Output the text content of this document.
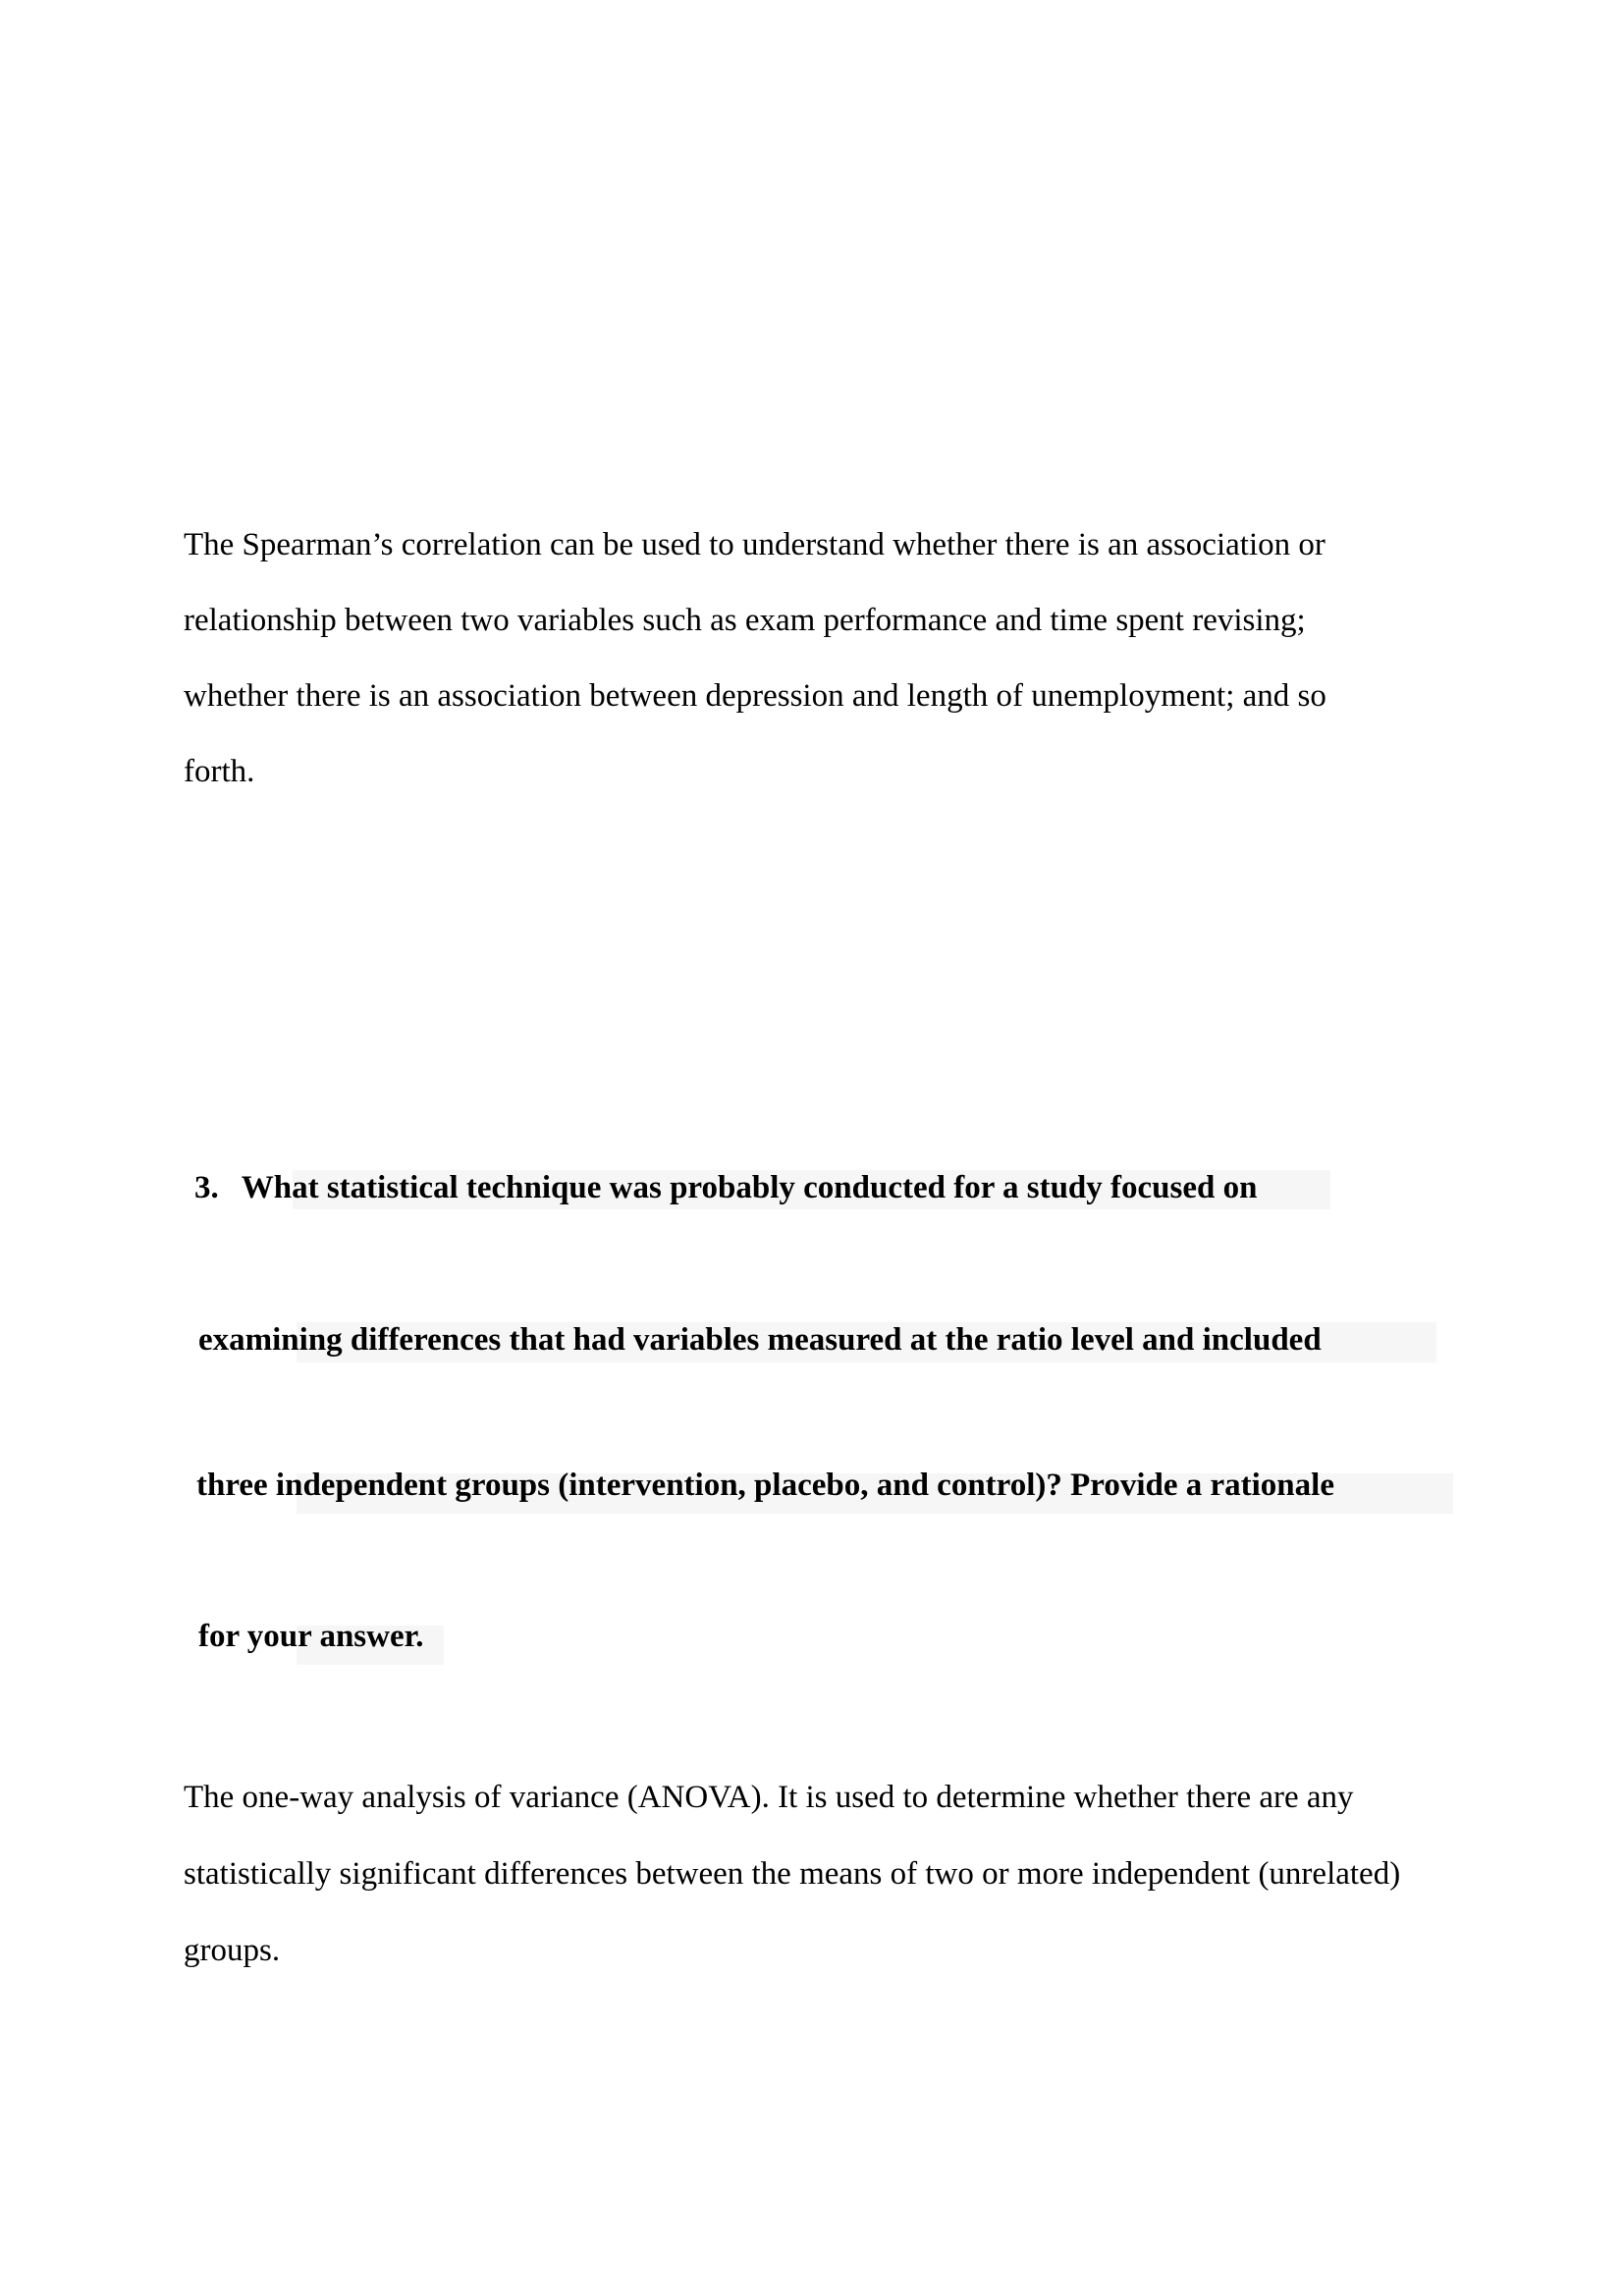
The Spearman’s correlation can be used to understand whether there is an association or
relationship between two variables such as exam performance and time spent revising;
whether there is an association between depression and length of unemployment; and so
forth.
3. What statistical technique was probably conducted for a study focused on
examining differences that had variables measured at the ratio level and included
three independent groups (intervention, placebo, and control)? Provide a rationale
for your answer.
The one-way analysis of variance (ANOVA). It is used to determine whether there are any
statistically significant differences between the means of two or more independent (unrelated)
groups.
